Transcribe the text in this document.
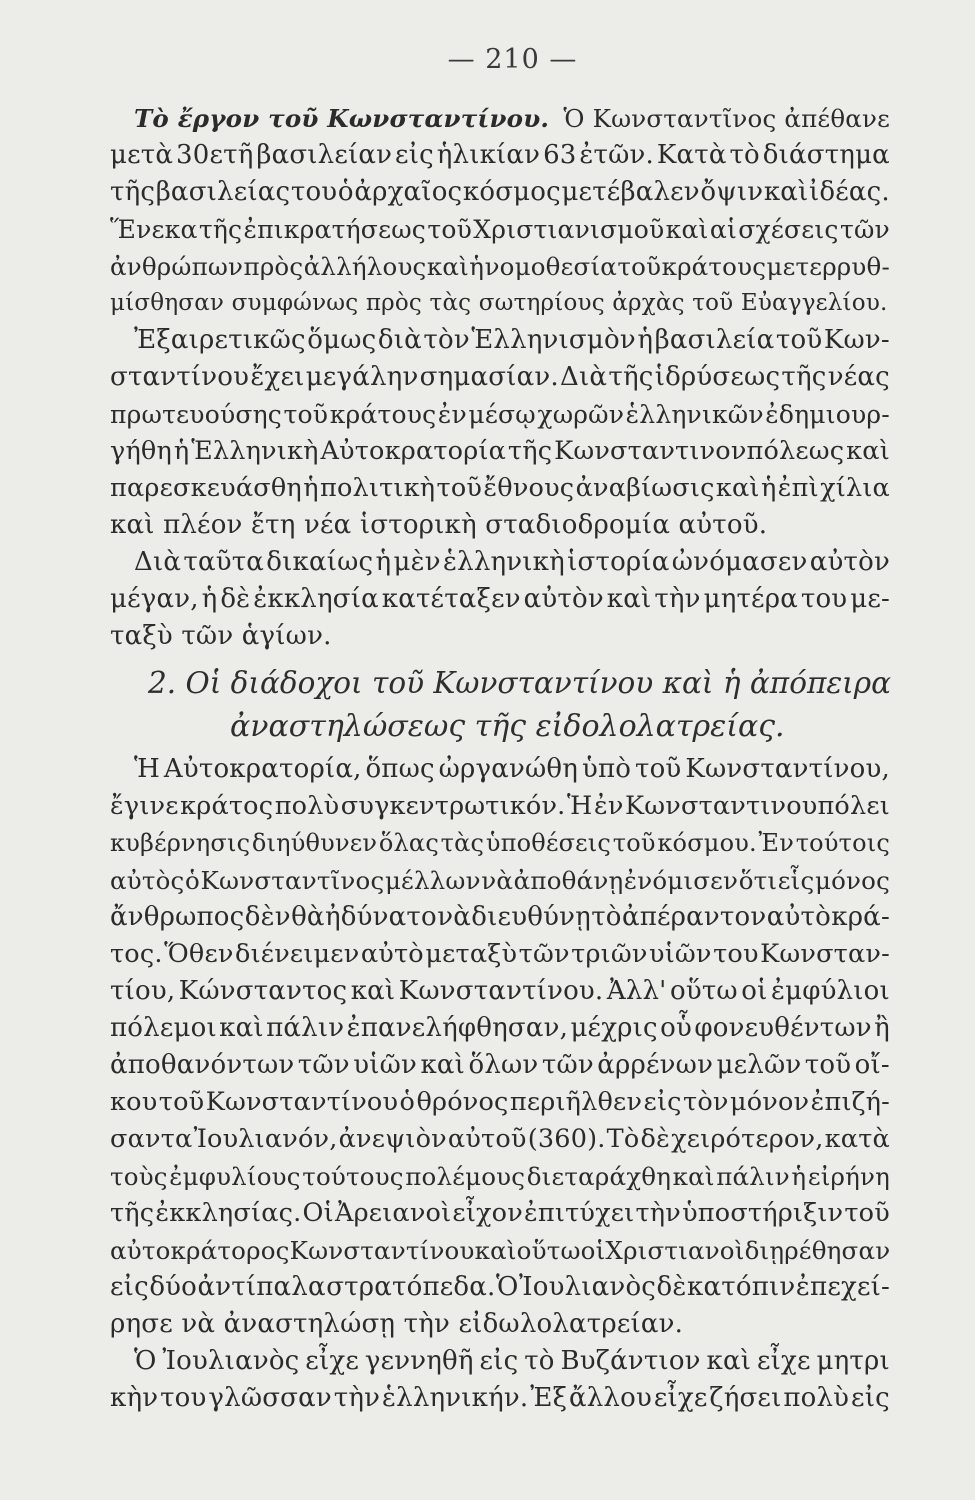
— 210 —
Τὸ ἔργον τοῦ Κωνσταντίνου. Ὁ Κωνσταντῖνος ἀπέθανε
μετὰ 30ετῆ βασιλείαν εἰς ἡλικίαν 63 ἐτῶν. Κατὰ τὸ διάστημα
τῆς βασιλείας του ὁ ἀρχαῖος κόσμος μετέβαλεν ὄψιν καὶ ἰδέας.
Ἕνεκα τῆς ἐπικρατήσεως τοῦ Χριστιανισμοῦ καὶ αἱ σχέσεις τῶν
ἀνθρώπων πρὸς ἀλλήλους καὶ ἡ νομοθεσία τοῦ κράτους μετερρυθ-
μίσθησαν συμφώνως πρὸς τὰς σωτηρίους ἀρχὰς τοῦ Εὐαγγελίου.
Ἐξαιρετικῶς ὅμως διὰ τὸν Ἑλληνισμὸν ἡ βασιλεία τοῦ Κων-
σταντίνου ἔχει μεγάλην σημασίαν. Διὰ τῆς ἱδρύσεως τῆς νέας
πρωτευούσης τοῦ κράτους ἐν μέσῳ χωρῶν ἑλληνικῶν ἐδημιουρ-
γήθη ἡ Ἑλληνικὴ Αὐτοκρατορία τῆς Κωνσταντινονπόλεως καὶ
παρεσκευάσθη ἡ πολιτικὴ τοῦ ἔθνους ἀναβίωσις καὶ ἡ ἐπὶ χίλια
καὶ πλέον ἔτη νέα ἱστορικὴ σταδιοδρομία αὐτοῦ.
Διὰ ταῦτα δικαίως ἡ μὲν ἑλληνικὴ ἱστορία ὠνόμασεν αὐτὸν
μέγαν, ἡ δὲ ἐκκλησία κατέταξεν αὐτὸν καὶ τὴν μητέρα του με-
ταξὺ τῶν ἁγίων.
2. Οἱ διάδοχοι τοῦ Κωνσταντίνου καὶ ἡ ἀπόπειρα
ἀναστηλώσεως τῆς εἰδολολατρείας.
Ἡ Αὐτοκρατορία, ὅπως ὠργανώθη ὑπὸ τοῦ Κωνσταντίνου,
ἔγινε κράτος πολὺ συγκεντρωτικόν. Ἡ ἐν Κωνσταντινουπόλει
κυβέρνησις διηύθυνεν ὅλας τὰς ὑποθέσεις τοῦ κόσμου. Ἐν τούτοις
αὐτὸς ὁ Κωνσταντῖνος μέλλων νὰ ἀποθάνῃ ἐνόμισεν ὅτι εἷς μόνος
ἄνθρωπος δὲν θὰ ἠδύνατο νὰ διευθύνῃ τὸ ἀπέραντον αὐτὸ κρά-
τος. Ὅθεν διένειμεν αὐτὸ μεταξὺ τῶν τριῶν υἱῶν του Κωνσταν-
τίου, Κώνσταντος καὶ Κωνσταντίνου. Ἀλλ' οὕτω οἱ ἐμφύλιοι
πόλεμοι καὶ πάλιν ἐπανελήφθησαν, μέχρις οὗ φονευθέντων ἢ
ἀποθανόντων τῶν υἱῶν καὶ ὅλων τῶν ἀρρένων μελῶν τοῦ οἴ-
κου τοῦ Κωνσταντίνου ὁ θρόνος περιῆλθεν εἰς τὸν μόνον ἐπιζή-
σαντα Ἰουλιανόν, ἀνεψιὸν αὐτοῦ (360). Τὸ δὲ χειρότερον, κατὰ
τοὺς ἐμφυλίους τούτους πολέμους διεταράχθη καὶ πάλιν ἡ εἰρήνη
τῆς ἐκκλησίας. Οἱ Ἀρειανοὶ εἶχον ἐπιτύχει τὴν ὑποστήριξιν τοῦ
αὐτοκράτορος Κωνσταντίνου καὶ οὕτω οἱ Χριστιανοὶ διῃρέθησαν
εἰς δύο ἀντίπαλα στρατόπεδα. Ὁ Ἰουλιανὸς δὲ κατόπιν ἐπεχεί-
ρησε νὰ ἀναστηλώσῃ τὴν εἰδωλολατρείαν.
Ὁ Ἰουλιανὸς εἶχε γεννηθῆ εἰς τὸ Βυζάντιον καὶ εἶχε μητρι
κὴν του γλῶσσαν τὴν ἑλληνικήν. Ἐξ ἄλλου εἶχε ζήσει πολὺ εἰς
